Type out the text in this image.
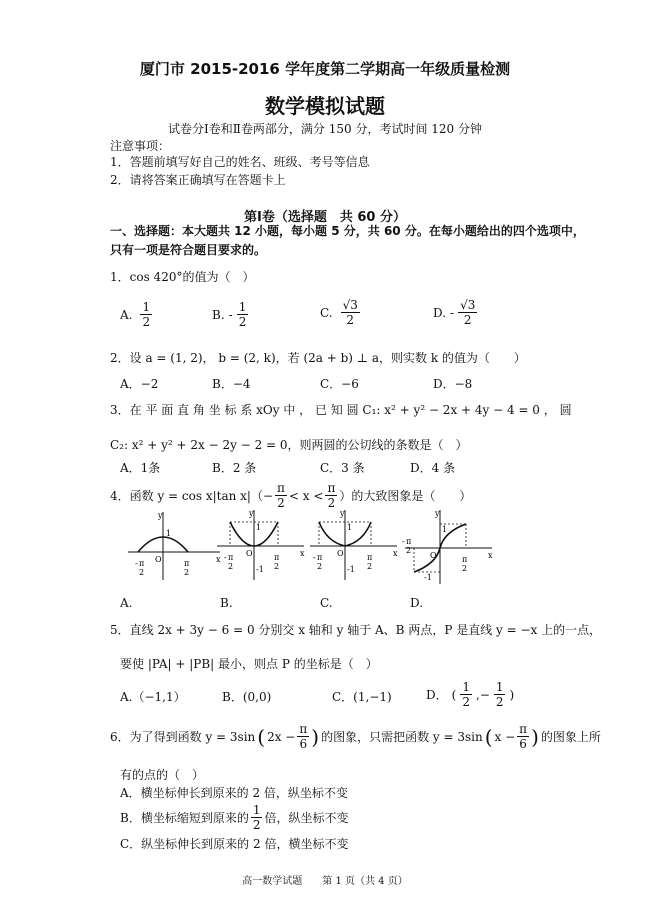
厦门市 2015-2016 学年度第二学期高一年级质量检测
数学模拟试题
试卷分Ⅰ卷和Ⅱ卷两部分，满分 150 分，考试时间 120 分钟
注意事项：
1．答题前填写好自己的姓名、班级、考号等信息
2．请将答案正确填写在答题卡上
第Ⅰ卷（选择题　共 60 分）
一、选择题：本大题共 12 小题，每小题 5 分，共 60 分。在每小题给出的四个选项中，
只有一项是符合题目要求的。
1．cos 420°的值为（　）
A. $\frac{1}{2}$	B. - $\frac{1}{2}$	C. $\frac{√3}{2}$	D. - $\frac{√3}{2}$
2．设 a = (1, 2)， b = (2, k)，若 (2a + b) ⊥ a，则实数 k 的值为（　　）
A．−2	B．−4	C．−6	D．−8
3．在 平 面 直 角 坐 标 系 xOy 中 ， 已 知 圆 C₁: x² + y² − 2x + 4y − 4 = 0 ， 圆
C₂: x² + y² + 2x − 2y − 2 = 0，则两圆的公切线的条数是（　）
A．1条	B．2 条	C．3 条	D．4 条
4．函数 y = cos x|tan $x|(- \frac{\pi}{2} < x < \frac{\pi}{2}$ ）的大致图象是（　　）
y
x
O
1
- π
2
π
2
y
x
O
1
-1
- π
2
π
2
y
x
O
1
-1
- π
2
π
2
y
x
O
1
-1
- π
2
π
2
A.	B.	C.	D.
5．直线 2x + 3y − 6 = 0 分别交 x 轴和 y 轴于 A、B 两点，P 是直线 y = −x 上的一点，
要使 |PA| + |PB| 最小，则点 P 的坐标是（　）
A.（−1,1）	B．(0,0)	C．(1,−1)	D． ( $\frac{1}{2}$ ,− $\frac{1}{2}$ )
6．为了得到函数 y = 3sin ( $2x - \frac{\pi}{6}$ ) 的图象，只需把函数 y = 3sin ( $x - \frac{\pi}{6}$ ) 的图象上所
有的点的（　）
A．横坐标伸长到原来的 2 倍，纵坐标不变
B．横坐标缩短到原来的 $\frac{1}{2}$ 倍，纵坐标不变
C．纵坐标伸长到原来的 2 倍，横坐标不变
高一数学试题　　第 1 页（共 4 页）
